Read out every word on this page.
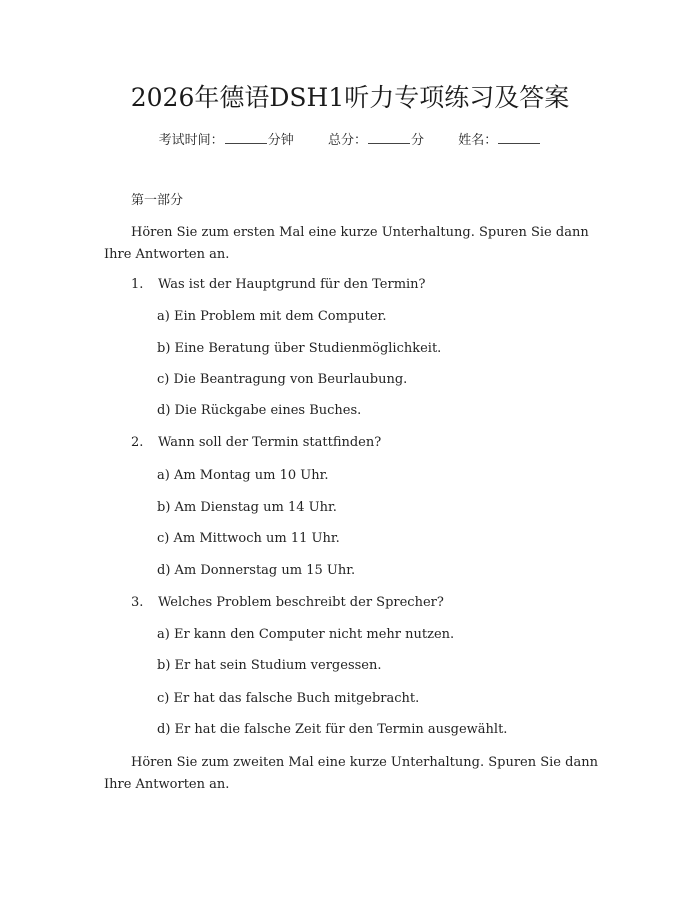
2026年德语DSH1听力专项练习及答案
考试时间：	分钟	总分：	分	姓名：
第一部分
Hören Sie zum ersten Mal eine kurze Unterhaltung. Spuren Sie dann
Ihre Antworten an.
1. Was ist der Hauptgrund für den Termin?
a) Ein Problem mit dem Computer.
b) Eine Beratung über Studienmöglichkeit.
c) Die Beantragung von Beurlaubung.
d) Die Rückgabe eines Buches.
2. Wann soll der Termin stattfinden?
a) Am Montag um 10 Uhr.
b) Am Dienstag um 14 Uhr.
c) Am Mittwoch um 11 Uhr.
d) Am Donnerstag um 15 Uhr.
3. Welches Problem beschreibt der Sprecher?
a) Er kann den Computer nicht mehr nutzen.
b) Er hat sein Studium vergessen.
c) Er hat das falsche Buch mitgebracht.
d) Er hat die falsche Zeit für den Termin ausgewählt.
Hören Sie zum zweiten Mal eine kurze Unterhaltung. Spuren Sie dann
Ihre Antworten an.
